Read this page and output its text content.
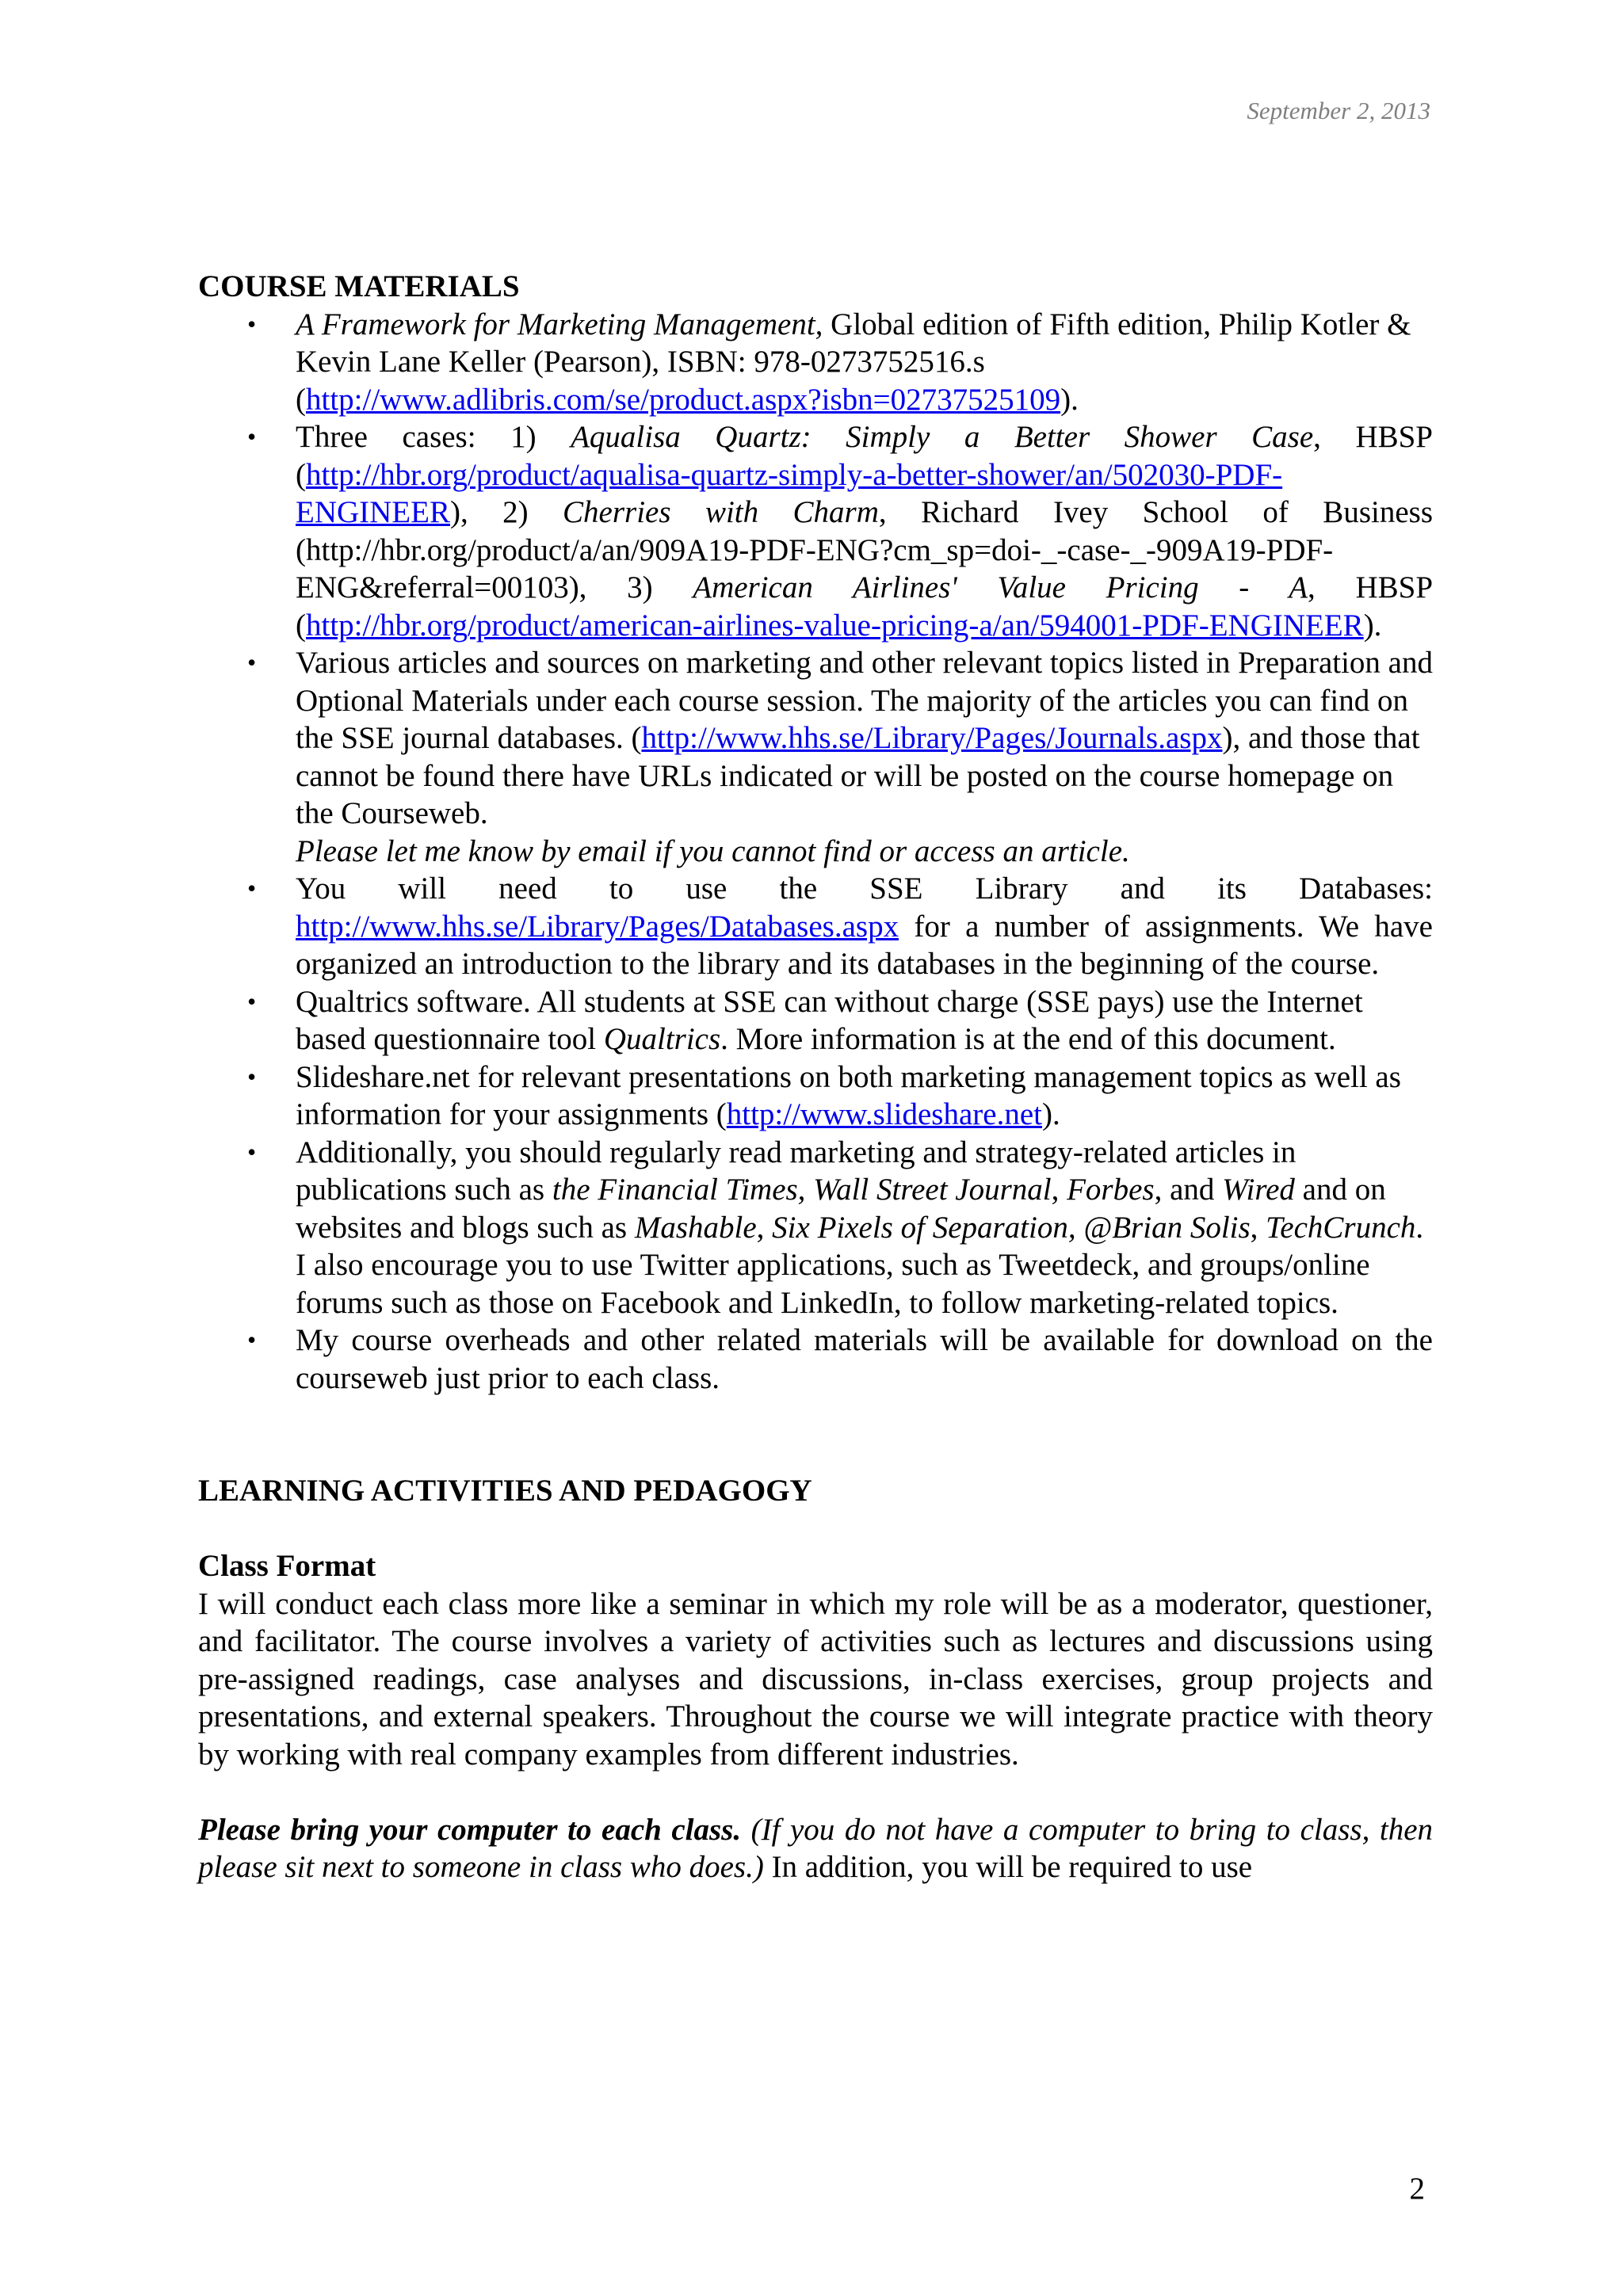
September 2, 2013
COURSE MATERIALS
• A Framework for Marketing Management, Global edition of Fifth edition, Philip Kotler & Kevin Lane Keller (Pearson), ISBN: 978-0273752516.s (http://www.adlibris.com/se/product.aspx?isbn=02737525109).
• Three cases: 1) Aqualisa Quartz: Simply a Better Shower Case, HBSP (http://hbr.org/product/aqualisa-quartz-simply-a-better-shower/an/502030-PDF-ENGINEER), 2) Cherries with Charm, Richard Ivey School of Business (http://hbr.org/product/a/an/909A19-PDF-ENG?cm_sp=doi-_-case-_-909A19-PDF-ENG&referral=00103), 3) American Airlines' Value Pricing - A, HBSP (http://hbr.org/product/american-airlines-value-pricing-a/an/594001-PDF-ENGINEER).
• Various articles and sources on marketing and other relevant topics listed in Preparation and Optional Materials under each course session. The majority of the articles you can find on the SSE journal databases. (http://www.hhs.se/Library/Pages/Journals.aspx), and those that cannot be found there have URLs indicated or will be posted on the course homepage on the Courseweb.
Please let me know by email if you cannot find or access an article.
• You will need to use the SSE Library and its Databases: http://www.hhs.se/Library/Pages/Databases.aspx for a number of assignments. We have organized an introduction to the library and its databases in the beginning of the course.
• Qualtrics software. All students at SSE can without charge (SSE pays) use the Internet based questionnaire tool Qualtrics. More information is at the end of this document.
• Slideshare.net for relevant presentations on both marketing management topics as well as information for your assignments (http://www.slideshare.net).
• Additionally, you should regularly read marketing and strategy-related articles in publications such as the Financial Times, Wall Street Journal, Forbes, and Wired and on websites and blogs such as Mashable, Six Pixels of Separation, @Brian Solis, TechCrunch. I also encourage you to use Twitter applications, such as Tweetdeck, and groups/online forums such as those on Facebook and LinkedIn, to follow marketing-related topics.
• My course overheads and other related materials will be available for download on the courseweb just prior to each class.
LEARNING ACTIVITIES AND PEDAGOGY
Class Format
I will conduct each class more like a seminar in which my role will be as a moderator, questioner, and facilitator. The course involves a variety of activities such as lectures and discussions using pre-assigned readings, case analyses and discussions, in-class exercises, group projects and presentations, and external speakers. Throughout the course we will integrate practice with theory by working with real company examples from different industries.
Please bring your computer to each class. (If you do not have a computer to bring to class, then please sit next to someone in class who does.) In addition, you will be required to use
2
